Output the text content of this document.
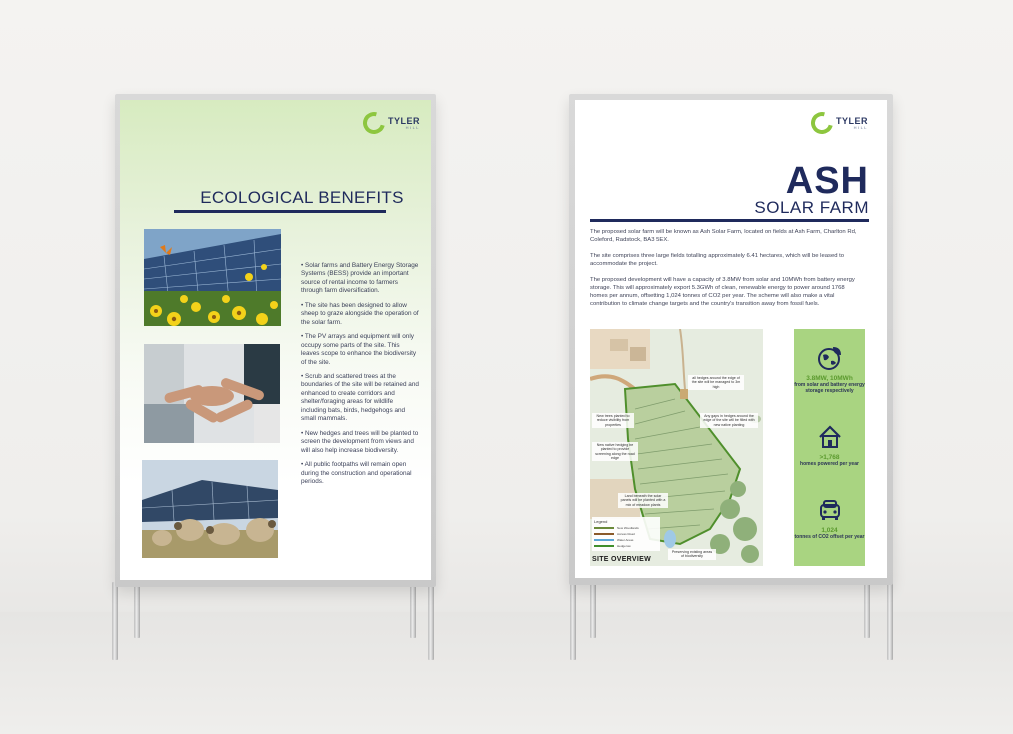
TYLER
HILL
ECOLOGICAL BENEFITS
• Solar farms and Battery Energy Storage Systems (BESS) provide an important source of rental income to farmers through farm diversification.
• The site has been designed to allow sheep to graze alongside the operation of the solar farm.
• The PV arrays and equipment will only occupy some parts of the site. This leaves scope to enhance the biodiversity of the site.
• Scrub and scattered trees at the boundaries of the site will be retained and enhanced to create corridors and shelter/foraging areas for wildlife including bats, birds, hedgehogs and small mammals.
• New hedges and trees will be planted to screen the development from views and will also help increase biodiversity.
• All public footpaths will remain open during the construction and operational periods.
TYLER
HILL
ASH
SOLAR FARM
The proposed solar farm will be known as Ash Solar Farm, located on fields at Ash Farm, Charlton Rd, Coleford, Radstock, BA3 5EX.
The site comprises three large fields totalling approximately 6.41 hectares, which will be leased to accommodate the project.
The proposed development will have a capacity of 3.8MW from solar and 10MWh from battery energy storage. This will approximately export 5.3GWh of clean, renewable energy to power around 1768 homes per annum, offsetting 1,024 tonnes of CO2 per year. The scheme will also make a vital contribution to climate change targets and the country's transition away from fossil fuels.
all hedges around the edge of the site will be managed to 3m high
New trees planted to reduce visibility from properties
Any gaps in hedges around the edge of the site will be filled with new native planting
New native hedging be planted to provide screening along the road edge
Land beneath the solar panels will be planted with a mix of meadow plants
Preserving existing areas of biodiversity
Legend
New Woodlands
Access Road
Water Areas
Hedgerow
SITE OVERVIEW
3.8MW, 10MWh
from solar and battery energy storage respectively
>1,768
homes powered per year
1,024
tonnes of CO2 offset per year
